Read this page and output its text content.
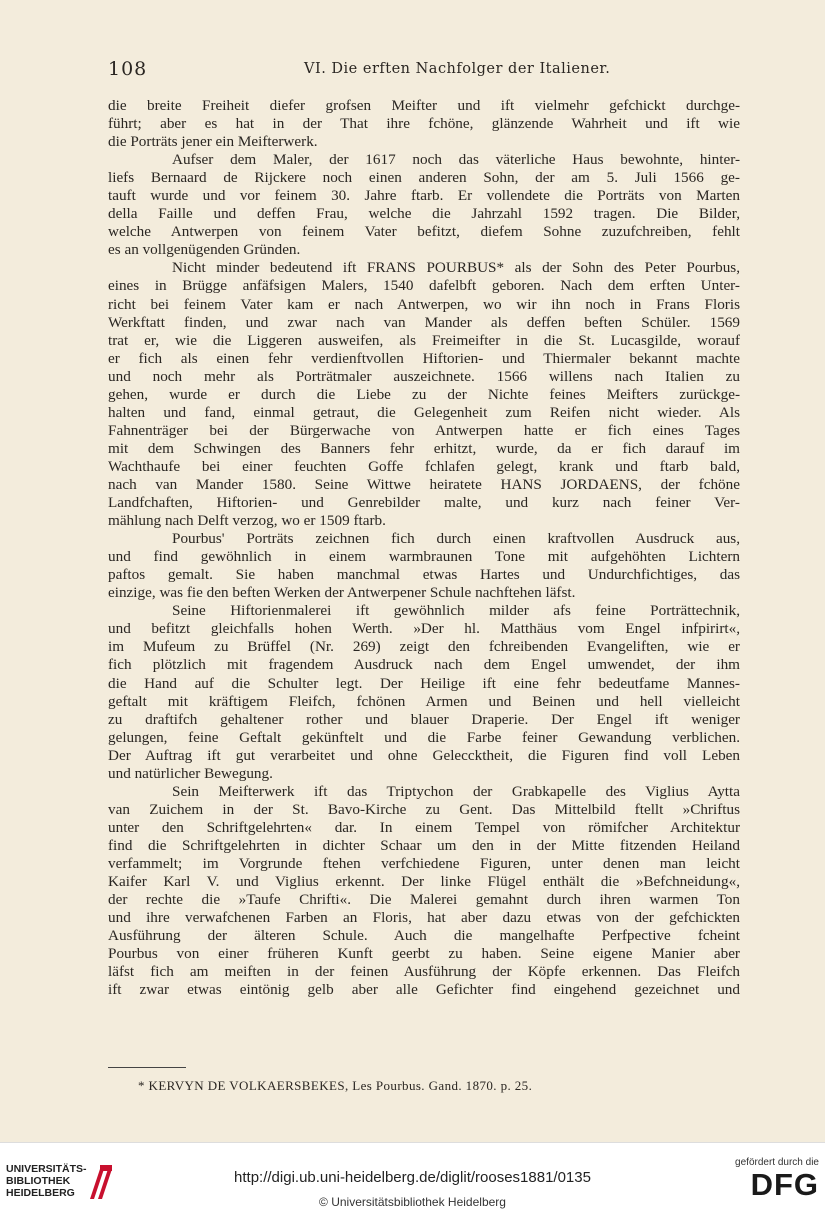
108	VI. Die erften Nachfolger der Italiener.
die breite Freiheit diefer grofsen Meifter und ift vielmehr gefchickt durchge-
führt; aber es hat in der That ihre fchöne, glänzende Wahrheit und ift wie
die Porträts jener ein Meifterwerk.
Aufser dem Maler, der 1617 noch das väterliche Haus bewohnte, hinter-
liefs Bernaard de Rijckere noch einen anderen Sohn, der am 5. Juli 1566 ge-
tauft wurde und vor feinem 30. Jahre ftarb. Er vollendete die Porträts von Marten
della Faille und deffen Frau, welche die Jahrzahl 1592 tragen. Die Bilder,
welche Antwerpen von feinem Vater befitzt, diefem Sohne zuzufchreiben, fehlt
es an vollgenügenden Gründen.
Nicht minder bedeutend ift FRANS POURBUS* als der Sohn des Peter Pourbus,
eines in Brügge anfäfsigen Malers, 1540 dafelbft geboren. Nach dem erften Unter-
richt bei feinem Vater kam er nach Antwerpen, wo wir ihn noch in Frans Floris
Werkftatt finden, und zwar nach van Mander als deffen beften Schüler. 1569
trat er, wie die Liggeren ausweifen, als Freimeifter in die St. Lucasgilde, worauf
er fich als einen fehr verdienftvollen Hiftorien- und Thiermaler bekannt machte
und noch mehr als Porträtmaler auszeichnete. 1566 willens nach Italien zu
gehen, wurde er durch die Liebe zu der Nichte feines Meifters zurückge-
halten und fand, einmal getraut, die Gelegenheit zum Reifen nicht wieder. Als
Fahnenträger bei der Bürgerwache von Antwerpen hatte er fich eines Tages
mit dem Schwingen des Banners fehr erhitzt, wurde, da er fich darauf im
Wachthaufe bei einer feuchten Goffe fchlafen gelegt, krank und ftarb bald,
nach van Mander 1580. Seine Wittwe heiratete HANS JORDAENS, der fchöne
Landfchaften, Hiftorien- und Genrebilder malte, und kurz nach feiner Ver-
mählung nach Delft verzog, wo er 1509 ftarb.
Pourbus' Porträts zeichnen fich durch einen kraftvollen Ausdruck aus,
und find gewöhnlich in einem warmbraunen Tone mit aufgehöhten Lichtern
paftos gemalt. Sie haben manchmal etwas Hartes und Undurchfichtiges, das
einzige, was fie den beften Werken der Antwerpener Schule nachftehen läfst.
Seine Hiftorienmalerei ift gewöhnlich milder afs feine Porträttechnik,
und befitzt gleichfalls hohen Werth. »Der hl. Matthäus vom Engel infpirirt«,
im Mufeum zu Brüffel (Nr. 269) zeigt den fchreibenden Evangeliften, wie er
fich plötzlich mit fragendem Ausdruck nach dem Engel umwendet, der ihm
die Hand auf die Schulter legt. Der Heilige ift eine fehr bedeutfame Mannes-
geftalt mit kräftigem Fleifch, fchönen Armen und Beinen und hell vielleicht
zu draftifch gehaltener rother und blauer Draperie. Der Engel ift weniger
gelungen, feine Geftalt gekünftelt und die Farbe feiner Gewandung verblichen.
Der Auftrag ift gut verarbeitet und ohne Geleccktheit, die Figuren find voll Leben
und natürlicher Bewegung.
Sein Meifterwerk ift das Triptychon der Grabkapelle des Viglius Aytta
van Zuichem in der St. Bavo-Kirche zu Gent. Das Mittelbild ftellt »Chriftus
unter den Schriftgelehrten« dar. In einem Tempel von römifcher Architektur
find die Schriftgelehrten in dichter Schaar um den in der Mitte fitzenden Heiland
verfammelt; im Vorgrunde ftehen verfchiedene Figuren, unter denen man leicht
Kaifer Karl V. und Viglius erkennt. Der linke Flügel enthält die »Befchneidung«,
der rechte die »Taufe Chrifti«. Die Malerei gemahnt durch ihren warmen Ton
und ihre verwafchenen Farben an Floris, hat aber dazu etwas von der gefchickten
Ausführung der älteren Schule. Auch die mangelhafte Perfpective fcheint
Pourbus von einer früheren Kunft geerbt zu haben. Seine eigene Manier aber
läfst fich am meiften in der feinen Ausführung der Köpfe erkennen. Das Fleifch
ift zwar etwas eintönig gelb aber alle Gefichter find eingehend gezeichnet und
* KERVYN DE VOLKAERSBEKES, Les Pourbus. Gand. 1870. p. 25.
UNIVERSITÄTS-
BIBLIOTHEK
HEIDELBERG
http://digi.ub.uni-heidelberg.de/diglit/rooses1881/0135
© Universitätsbibliothek Heidelberg
gefördert durch die
DFG
